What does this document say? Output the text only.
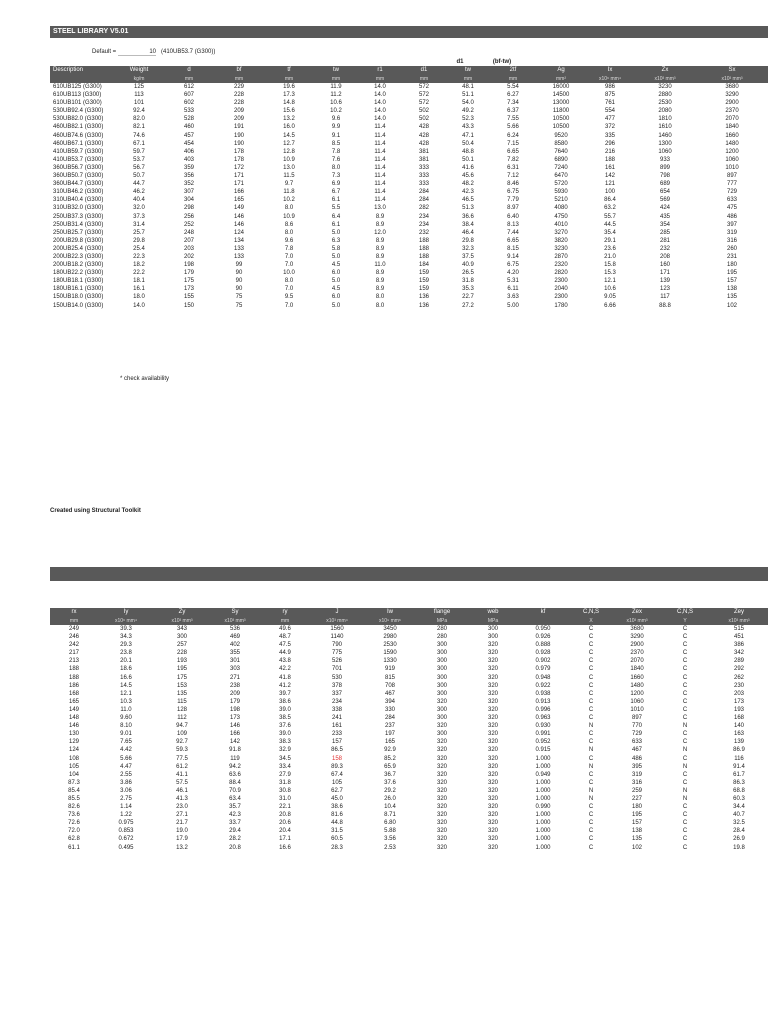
STEEL LIBRARY V5.01
Default =	10 (410UB53.7 (G300))
d1	(bf-tw)
Description	Weight	d	bf	tf	tw	r1	d1	tw	2tf	Ag	Ix	Zx	Sx
	kg/m	mm	mm	mm	mm	mm	mm	mm	mm	mm²	x10⁶ mm⁴	x10³ mm³	x10³ mm³
610UB125 (G300)	125	612	229	19.6	11.9	14.0	572	48.1	5.54	16000	986	3230	3680
610UB113 (G300)	113	607	228	17.3	11.2	14.0	572	51.1	6.27	14500	875	2880	3290
610UB101 (G300)	101	602	228	14.8	10.6	14.0	572	54.0	7.34	13000	761	2530	2900
530UB92.4 (G300)	92.4	533	209	15.6	10.2	14.0	502	49.2	6.37	11800	554	2080	2370
530UB82.0 (G300)	82.0	528	209	13.2	9.6	14.0	502	52.3	7.55	10500	477	1810	2070
460UB82.1 (G300)	82.1	460	191	16.0	9.9	11.4	428	43.3	5.66	10500	372	1610	1840
460UB74.6 (G300)	74.6	457	190	14.5	9.1	11.4	428	47.1	6.24	9520	335	1460	1660
460UB67.1 (G300)	67.1	454	190	12.7	8.5	11.4	428	50.4	7.15	8580	296	1300	1480
410UB59.7 (G300)	59.7	406	178	12.8	7.8	11.4	381	48.8	6.65	7640	216	1060	1200
410UB53.7 (G300)	53.7	403	178	10.9	7.6	11.4	381	50.1	7.82	6890	188	933	1060
360UB56.7 (G300)	56.7	359	172	13.0	8.0	11.4	333	41.6	6.31	7240	161	899	1010
360UB50.7 (G300)	50.7	356	171	11.5	7.3	11.4	333	45.6	7.12	6470	142	798	897
360UB44.7 (G300)	44.7	352	171	9.7	6.9	11.4	333	48.2	8.46	5720	121	689	777
310UB46.2 (G300)	46.2	307	166	11.8	6.7	11.4	284	42.3	6.75	5930	100	654	729
310UB40.4 (G300)	40.4	304	165	10.2	6.1	11.4	284	46.5	7.79	5210	86.4	569	633
310UB32.0 (G300)	32.0	298	149	8.0	5.5	13.0	282	51.3	8.97	4080	63.2	424	475
250UB37.3 (G300)	37.3	256	146	10.9	6.4	8.9	234	36.6	6.40	4750	55.7	435	486
250UB31.4 (G300)	31.4	252	146	8.6	6.1	8.9	234	38.4	8.13	4010	44.5	354	397
250UB25.7 (G300)	25.7	248	124	8.0	5.0	12.0	232	46.4	7.44	3270	35.4	285	319
200UB29.8 (G300)	29.8	207	134	9.6	6.3	8.9	188	29.8	6.65	3820	29.1	281	316
200UB25.4 (G300)	25.4	203	133	7.8	5.8	8.9	188	32.3	8.15	3230	23.6	232	260
200UB22.3 (G300)	22.3	202	133	7.0	5.0	8.9	188	37.5	9.14	2870	21.0	208	231
200UB18.2 (G300)	18.2	198	99	7.0	4.5	11.0	184	40.9	6.75	2320	15.8	160	180
180UB22.2 (G300)	22.2	179	90	10.0	6.0	8.9	159	26.5	4.20	2820	15.3	171	195
180UB18.1 (G300)	18.1	175	90	8.0	5.0	8.9	159	31.8	5.31	2300	12.1	139	157
180UB16.1 (G300)	16.1	173	90	7.0	4.5	8.9	159	35.3	6.11	2040	10.6	123	138
150UB18.0 (G300)	18.0	155	75	9.5	6.0	8.0	136	22.7	3.63	2300	9.05	117	135
150UB14.0 (G300)	14.0	150	75	7.0	5.0	8.0	136	27.2	5.00	1780	6.66	88.8	102
* check availability
Created using Structural Toolkit
rx	Iy	Zy	Sy	ry	J	Iw	flange	web	kf	C,N,S	Zex	C,N,S	Zey
mm	x10⁶ mm⁴	x10³ mm³	x10³ mm³	mm	x10³ mm⁴	x10⁹ mm⁶	MPa	MPa		X	x10³ mm³	Y	x10³ mm³
249	39.3	343	536	49.6	1560	3450	280	300	0.950	C	3680	C	515
246	34.3	300	469	48.7	1140	2980	280	300	0.926	C	3290	C	451
242	29.3	257	402	47.5	790	2530	300	320	0.888	C	2900	C	386
217	23.8	228	355	44.9	775	1590	300	320	0.928	C	2370	C	342
213	20.1	193	301	43.8	526	1330	300	320	0.902	C	2070	C	289
188	18.6	195	303	42.2	701	919	300	320	0.979	C	1840	C	292
188	16.6	175	271	41.8	530	815	300	320	0.948	C	1660	C	262
186	14.5	153	238	41.2	378	708	300	320	0.922	C	1480	C	230
168	12.1	135	209	39.7	337	467	300	320	0.938	C	1200	C	203
165	10.3	115	179	38.6	234	394	320	320	0.913	C	1060	C	173
149	11.0	128	198	39.0	338	330	300	320	0.996	C	1010	C	193
148	9.60	112	173	38.5	241	284	300	320	0.963	C	897	C	168
146	8.10	94.7	146	37.6	161	237	320	320	0.930	N	770	N	140
130	9.01	109	166	39.0	233	197	300	320	0.991	C	729	C	163
129	7.65	92.7	142	38.3	157	165	320	320	0.952	C	633	C	139
124	4.42	59.3	91.8	32.9	86.5	92.9	320	320	0.915	N	467	N	86.9
108	5.66	77.5	119	34.5	158	85.2	320	320	1.000	C	486	C	116
105	4.47	61.2	94.2	33.4	89.3	65.9	320	320	1.000	N	395	N	91.4
104	2.55	41.1	63.6	27.9	67.4	36.7	320	320	0.949	C	319	C	61.7
87.3	3.86	57.5	88.4	31.8	105	37.6	320	320	1.000	C	316	C	86.3
85.4	3.06	46.1	70.9	30.8	62.7	29.2	320	320	1.000	N	259	N	68.8
85.5	2.75	41.3	63.4	31.0	45.0	26.0	320	320	1.000	N	227	N	60.3
82.6	1.14	23.0	35.7	22.1	38.6	10.4	320	320	0.990	C	180	C	34.4
73.6	1.22	27.1	42.3	20.8	81.6	8.71	320	320	1.000	C	195	C	40.7
72.6	0.975	21.7	33.7	20.6	44.8	6.80	320	320	1.000	C	157	C	32.5
72.0	0.853	19.0	29.4	20.4	31.5	5.88	320	320	1.000	C	138	C	28.4
62.8	0.672	17.9	28.2	17.1	60.5	3.56	320	320	1.000	C	135	C	26.9
61.1	0.495	13.2	20.8	16.6	28.3	2.53	320	320	1.000	C	102	C	19.8
